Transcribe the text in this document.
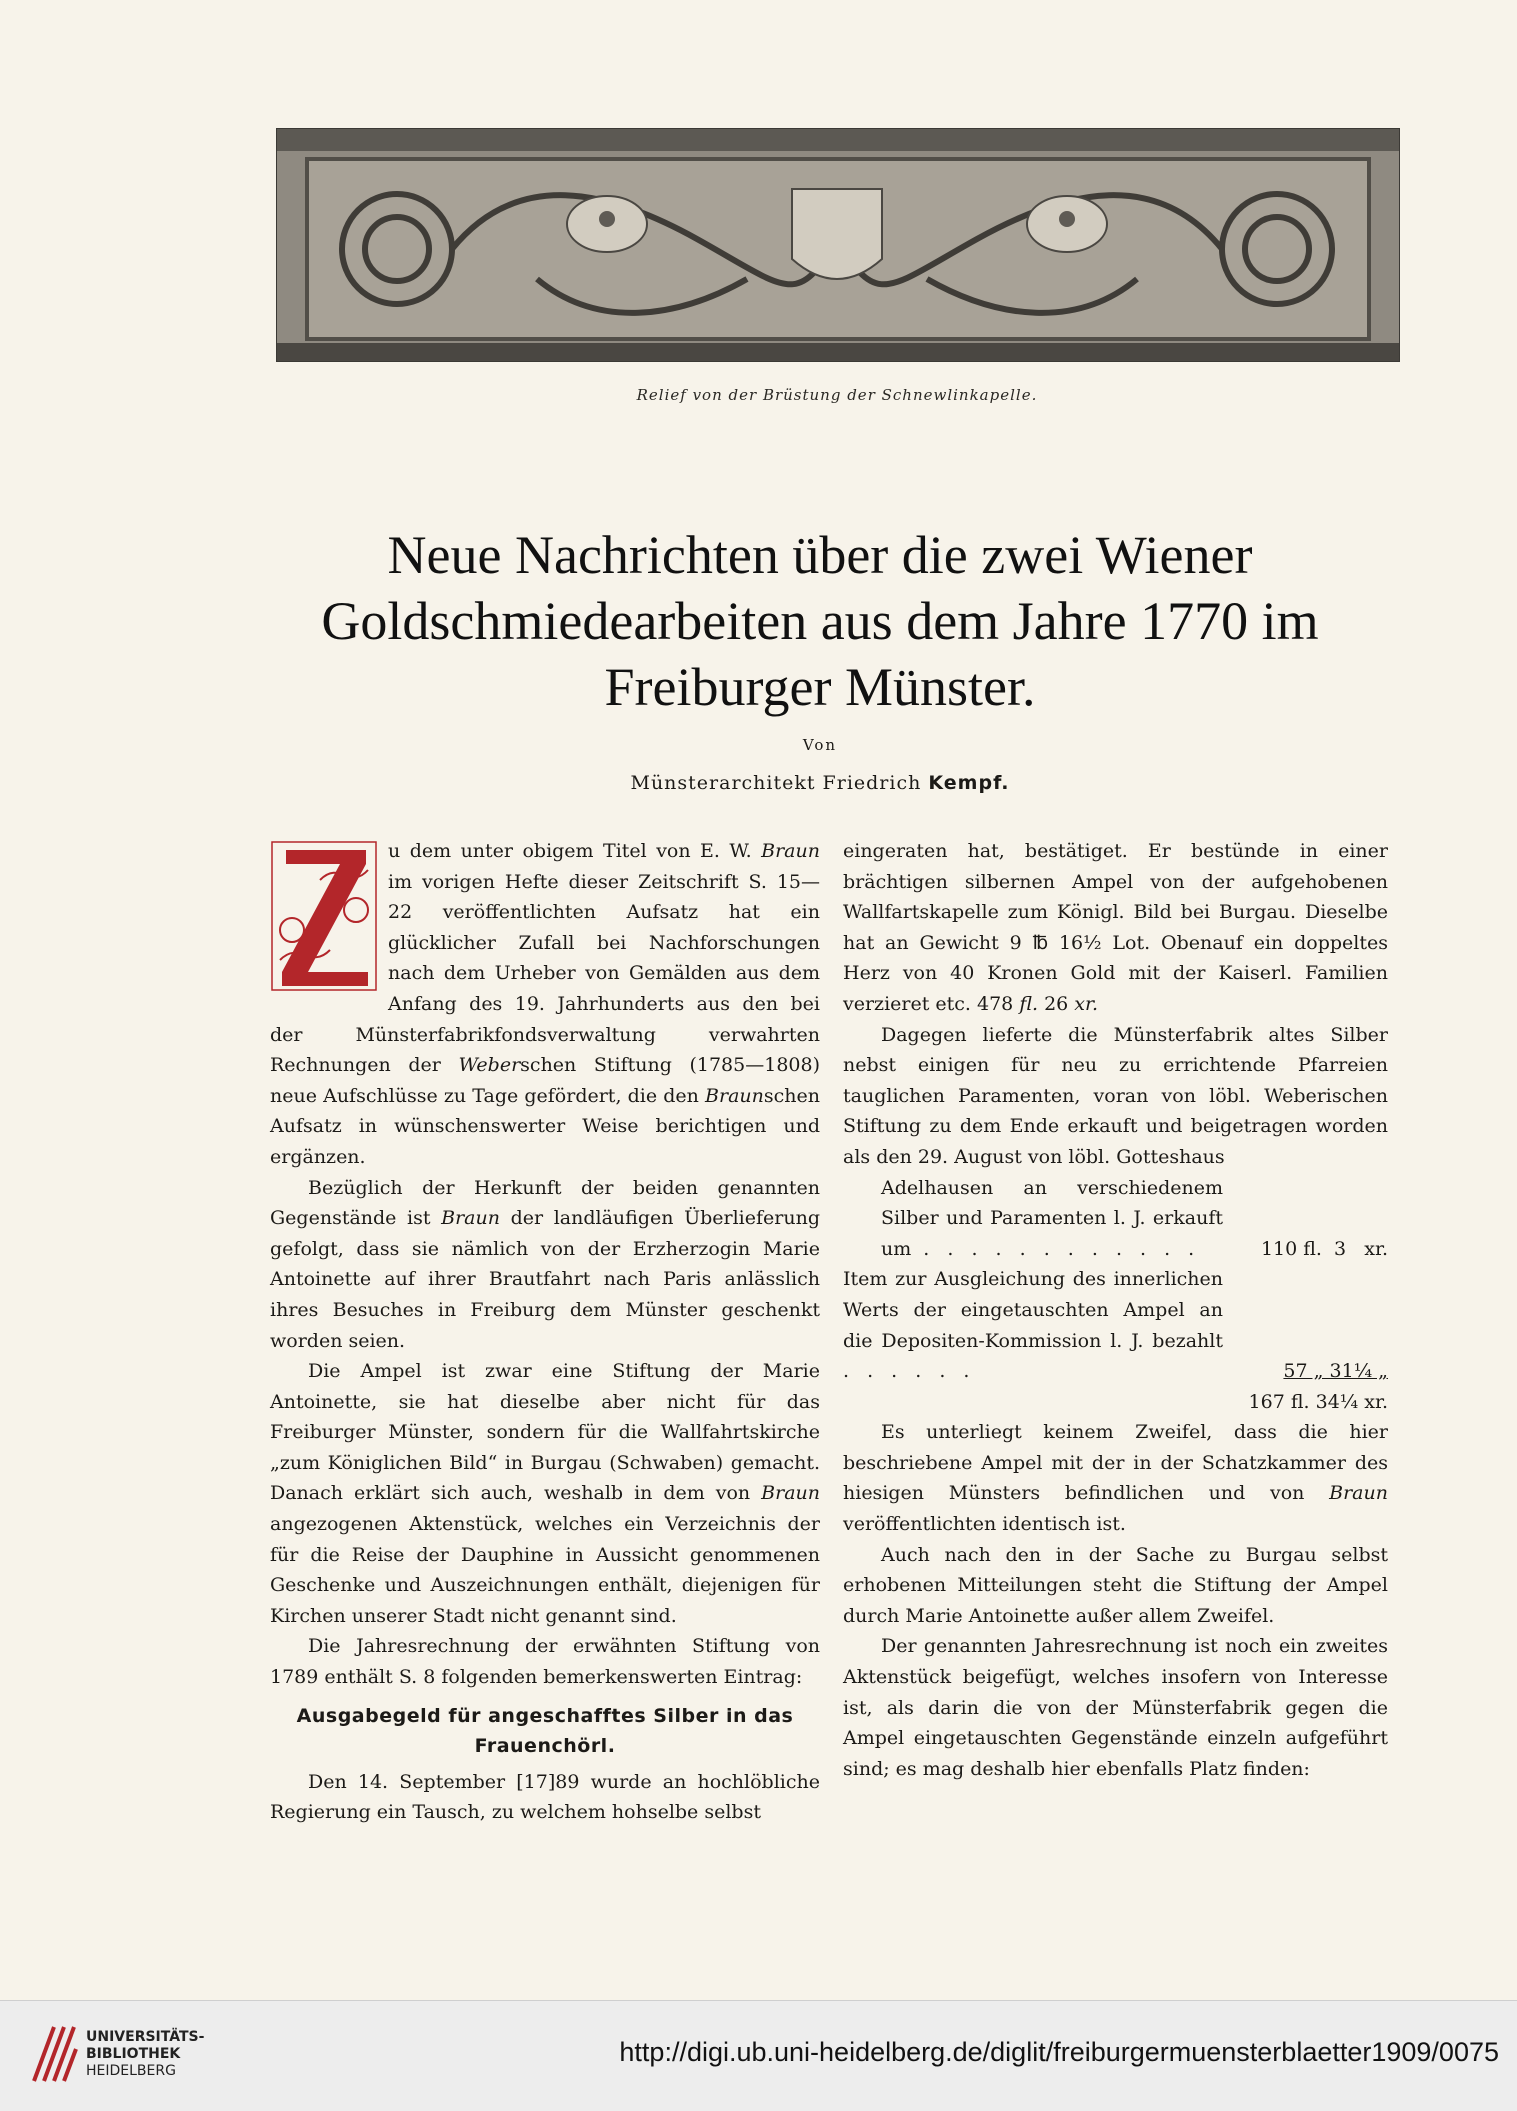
Relief von der Brüstung der Schnewlinkapelle.
Neue Nachrichten über die zwei Wiener
Goldschmiedearbeiten aus dem Jahre 1770 im
Freiburger Münster.
Von
Münsterarchitekt Friedrich Kempf.

u dem unter obigem Titel von E. W. Braun im vorigen Hefte dieser Zeitschrift S. 15—22 veröffentlichten Aufsatz hat ein glücklicher Zufall bei Nachforschungen nach dem Urheber von Gemälden aus dem Anfang des 19. Jahrhunderts aus den bei der Münsterfabrikfondsverwaltung verwahrten Rechnungen der Weberschen Stiftung (1785—1808) neue Aufschlüsse zu Tage gefördert, die den Braunschen Aufsatz in wünschenswerter Weise berichtigen und ergänzen.

Bezüglich der Herkunft der beiden genannten Gegenstände ist Braun der landläufigen Überlieferung gefolgt, dass sie nämlich von der Erzherzogin Marie Antoinette auf ihrer Brautfahrt nach Paris anlässlich ihres Besuches in Freiburg dem Münster geschenkt worden seien.

Die Ampel ist zwar eine Stiftung der Marie Antoinette, sie hat dieselbe aber nicht für das Freiburger Münster, sondern für die Wallfahrtskirche „zum Königlichen Bild“ in Burgau (Schwaben) gemacht. Danach erklärt sich auch, weshalb in dem von Braun angezogenen Aktenstück, welches ein Verzeichnis der für die Reise der Dauphine in Aussicht genommenen Geschenke und Auszeichnungen enthält, diejenigen für Kirchen unserer Stadt nicht genannt sind.

Die Jahresrechnung der erwähnten Stiftung von 1789 enthält S. 8 folgenden bemerkenswerten Eintrag:

Ausgabegeld für angeschafftes Silber in das Frauenchörl.

Den 14. September [17]89 wurde an hochlöbliche Regierung ein Tausch, zu welchem hohselbe selbst

eingeraten hat, bestätiget. Er bestünde in einer brächtigen silbernen Ampel von der aufgehobenen Wallfartskapelle zum Königl. Bild bei Burgau. Dieselbe hat an Gewicht 9 ℔ 16½ Lot. Obenauf ein doppeltes Herz von 40 Kronen Gold mit der Kaiserl. Familien verzieret etc. 478 fl. 26 xr.

Dagegen lieferte die Münsterfabrik altes Silber nebst einigen für neu zu errichtende Pfarreien tauglichen Paramenten, voran von löbl. Weberischen Stiftung zu dem Ende erkauft und beigetragen worden als den 29. August von löbl. Gotteshaus

Adelhausen an verschiedenem Silber und Paramenten l. J. erkauft um . . . . . . . . . . . .	110 fl.  3   xr.
Item zur Ausgleichung des innerlichen Werts der eingetauschten Ampel an die Depositen-Kommission l. J. bezahlt . . . . . .	57 „ 31¼ „
167 fl. 34¼ xr.

Es unterliegt keinem Zweifel, dass die hier beschriebene Ampel mit der in der Schatzkammer des hiesigen Münsters befindlichen und von Braun veröffentlichten identisch ist.

Auch nach den in der Sache zu Burgau selbst erhobenen Mitteilungen steht die Stiftung der Ampel durch Marie Antoinette außer allem Zweifel.

Der genannten Jahresrechnung ist noch ein zweites Aktenstück beigefügt, welches insofern von Interesse ist, als darin die von der Münsterfabrik gegen die Ampel eingetauschten Gegenstände einzeln aufgeführt sind; es mag deshalb hier ebenfalls Platz finden:

UNIVERSITÄTS-
BIBLIOTHEK
HEIDELBERG
http://digi.ub.uni-heidelberg.de/diglit/freiburgermuensterblaetter1909/0075
